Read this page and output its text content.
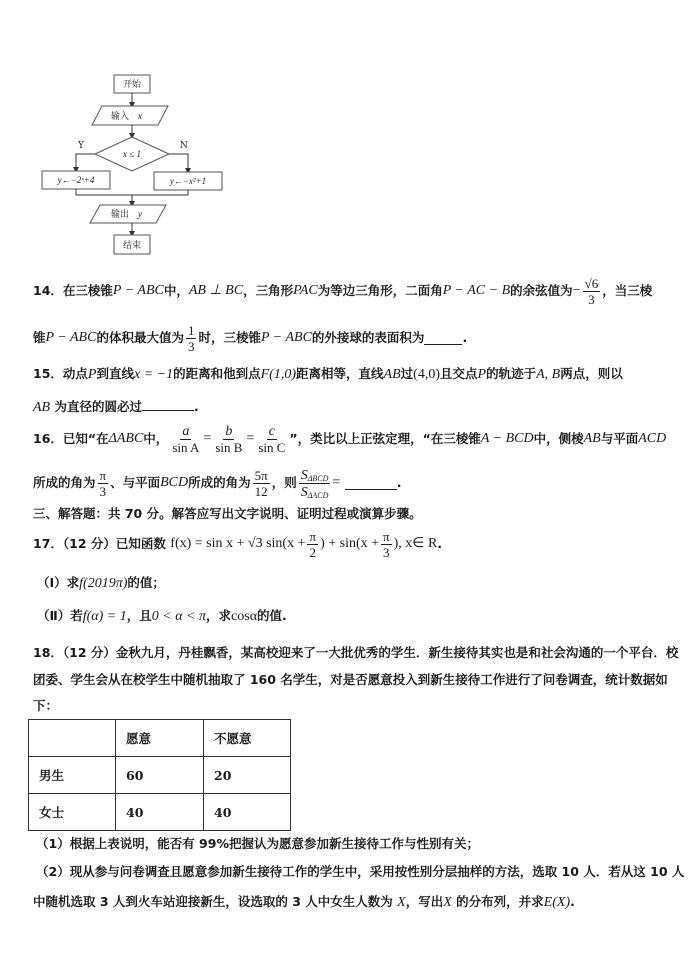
开始
输入 x
x ≤ 1
Y	N
y←−2ˣ+4	y←−x²+1
输出 y
结束
14． 在三棱锥 P − ABC 中， AB ⊥ BC ，三角形 PAC 为等边三角形，二面角 P − AC − B 的余弦值为 − $\frac{√6}{3}$ ，当三棱
锥 P − ABC 的体积最大值为 $\frac{1}{3}$ 时，三棱锥 P − ABC 的外接球的表面积为	.
15．动点P到直线x = −1的距离和他到点F(1,0)距离相等，直线AB过(4,0)且交点P的轨迹于A, B两点，则以
AB 为直径的圆必过	.
16． 已知“在 ΔABC 中， $\frac{a}{\text{sin A}} = \frac{b}{\text{sin B}} = \frac{c}{\text{sin C}}$ ”，类比以上正弦定理，“在三棱锥 A − BCD 中，侧棱 AB 与平面 ACD
所成的角为 $\frac{\pi}{3}$ 、与平面 BCD 所成的角为 $\frac{5\pi}{12}$ ，则 $\frac{S_{\Delta BCD}}{S_{\Delta ACD}}$ =
	.
三、解答题：共 70 分。解答应写出文字说明、证明过程或演算步骤。
17．（12 分） 已知函数
f(x) = sin x + √3 $\sin(x + \frac{\pi}{2}$ ) + $\sin(x + \frac{\pi}{3}$ ), x∈ R .
（Ⅰ）求f(2019π)的值；
（Ⅱ）若f(α) = 1，且0 < α < π，求cosα的值.
18．（12 分）金秋九月，丹桂飘香，某高校迎来了一大批优秀的学生．新生接待其实也是和社会沟通的一个平台．校
团委、学生会从在校学生中随机抽取了 160 名学生，对是否愿意投入到新生接待工作进行了问卷调查，统计数据如
下：
	愿意	不愿意
男生	60	20
女士	40	40
（1）根据上表说明，能否有 99%把握认为愿意参加新生接待工作与性别有关；
（2）现从参与问卷调查且愿意参加新生接待工作的学生中，采用按性别分层抽样的方法，选取 10 人．若从这 10 人
中随机选取 3 人到火车站迎接新生，设选取的 3 人中女生人数为 X，写出X 的分布列，并求E(X).
